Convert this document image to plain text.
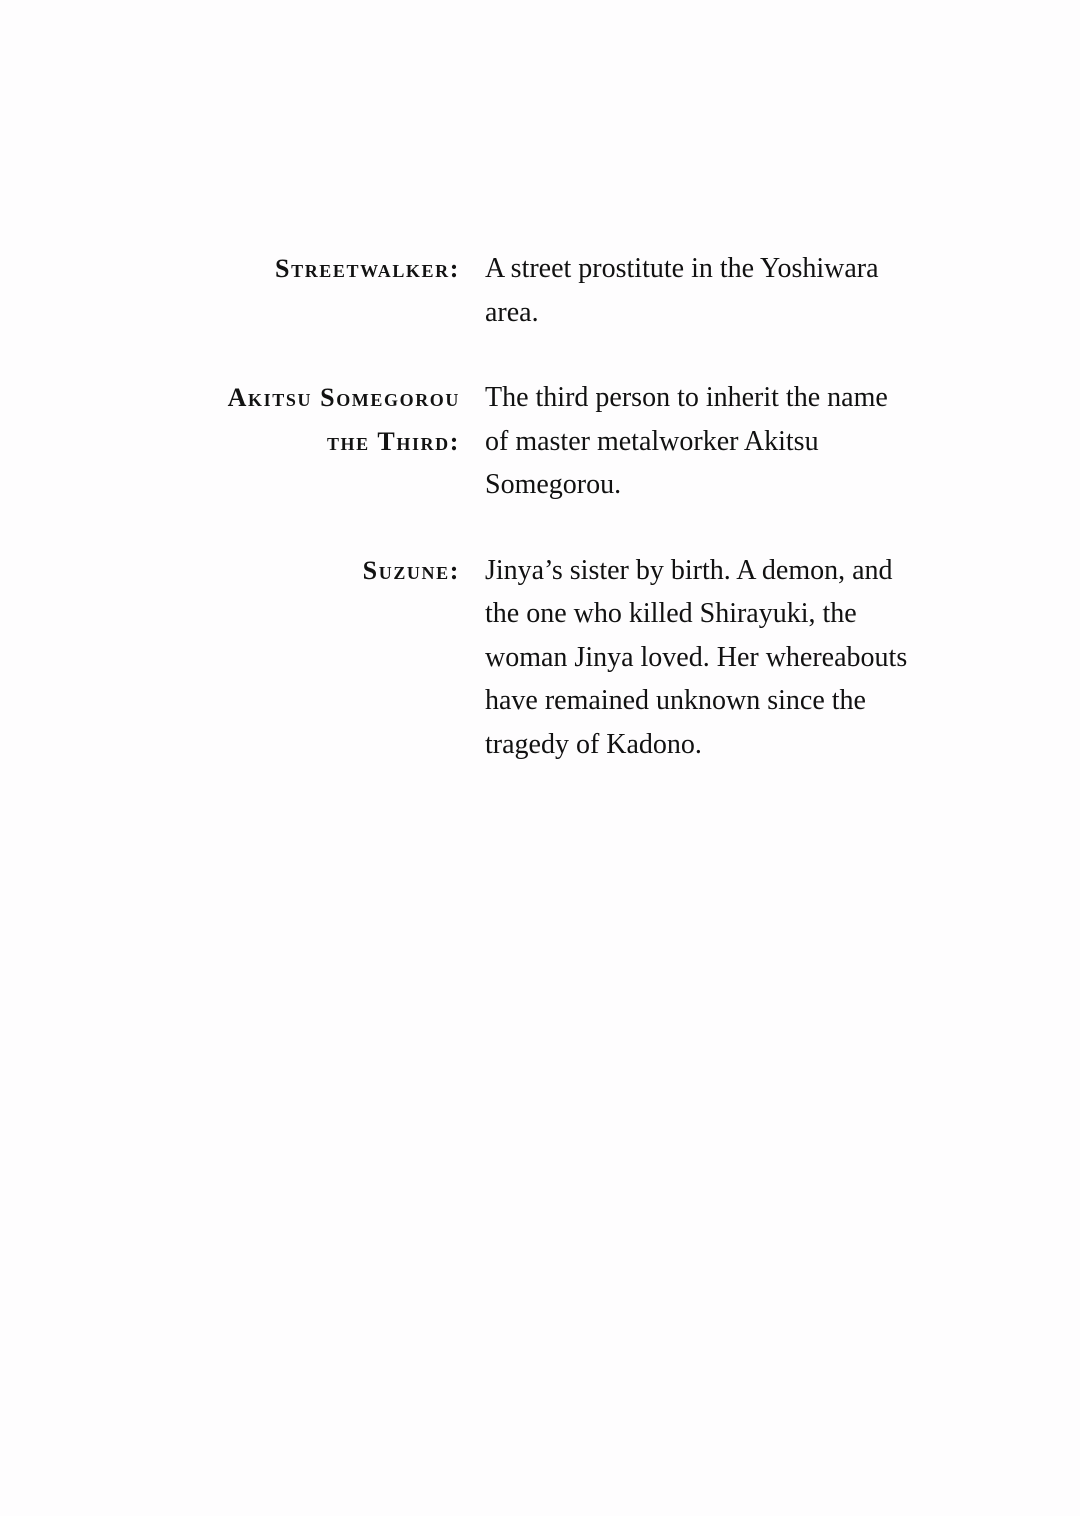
Streetwalker: A street prostitute in the Yoshiwara area.
Akitsu Somegorou
the Third:
The third person to inherit the name of master metalworker Akitsu Somegorou.
Suzune: Jinya’s sister by birth. A demon, and the one who killed Shirayuki, the woman Jinya loved. Her whereabouts have remained unknown since the tragedy of Kadono.
